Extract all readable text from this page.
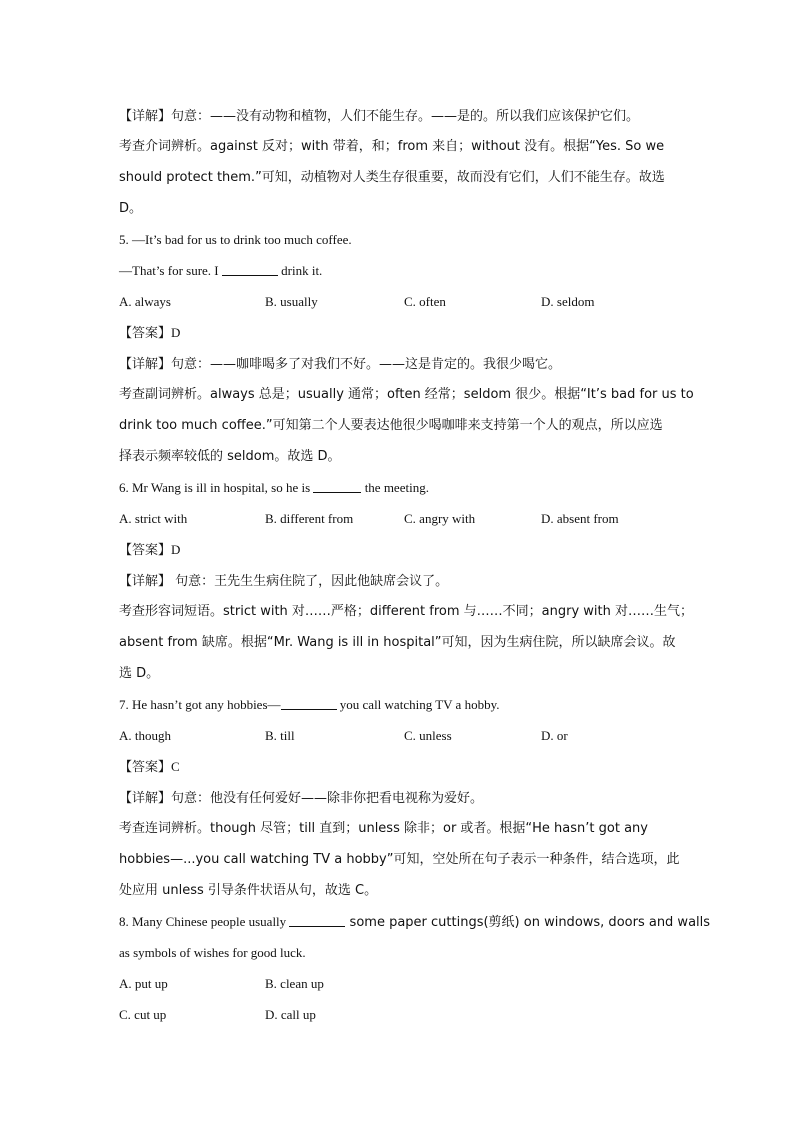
【详解】句意：——没有动物和植物，人们不能生存。——是的。所以我们应该保护它们。
考查介词辨析。against 反对；with 带着，和；from 来自；without 没有。根据“Yes. So we
should protect them.”可知，动植物对人类生存很重要，故而没有它们，人们不能生存。故选
D。
5. —It’s bad for us to drink too much coffee.
—That’s for sure. I	drink it.
A. always	B. usually	C. often	D. seldom
【答案】D
【详解】句意：——咖啡喝多了对我们不好。——这是肯定的。我很少喝它。
考查副词辨析。always 总是；usually 通常；often 经常；seldom 很少。根据“It’s bad for us to
drink too much coffee.”可知第二个人要表达他很少喝咖啡来支持第一个人的观点，所以应选
择表示频率较低的 seldom。故选 D。
6. Mr Wang is ill in hospital, so he is	the meeting.
A. strict with	B. different from	C. angry with	D. absent from
【答案】D
【详解】 句意：王先生生病住院了，因此他缺席会议了。
考查形容词短语。strict with 对……严格；different from 与……不同；angry with 对……生气；
absent from 缺席。根据“Mr. Wang is ill in hospital”可知，因为生病住院，所以缺席会议。故
选 D。
7. He hasn’t got any hobbies—	you call watching TV a hobby.
A. though	B. till	C. unless	D. or
【答案】C
【详解】句意：他没有任何爱好——除非你把看电视称为爱好。
考查连词辨析。though 尽管；till 直到；unless 除非；or 或者。根据“He hasn’t got any
hobbies—...you call watching TV a hobby”可知，空处所在句子表示一种条件，结合选项，此
处应用 unless 引导条件状语从句，故选 C。
8. Many Chinese people usually	some paper cuttings(剪纸) on windows, doors and walls
as symbols of wishes for good luck.
A. put up	B. clean up
C. cut up	D. call up
